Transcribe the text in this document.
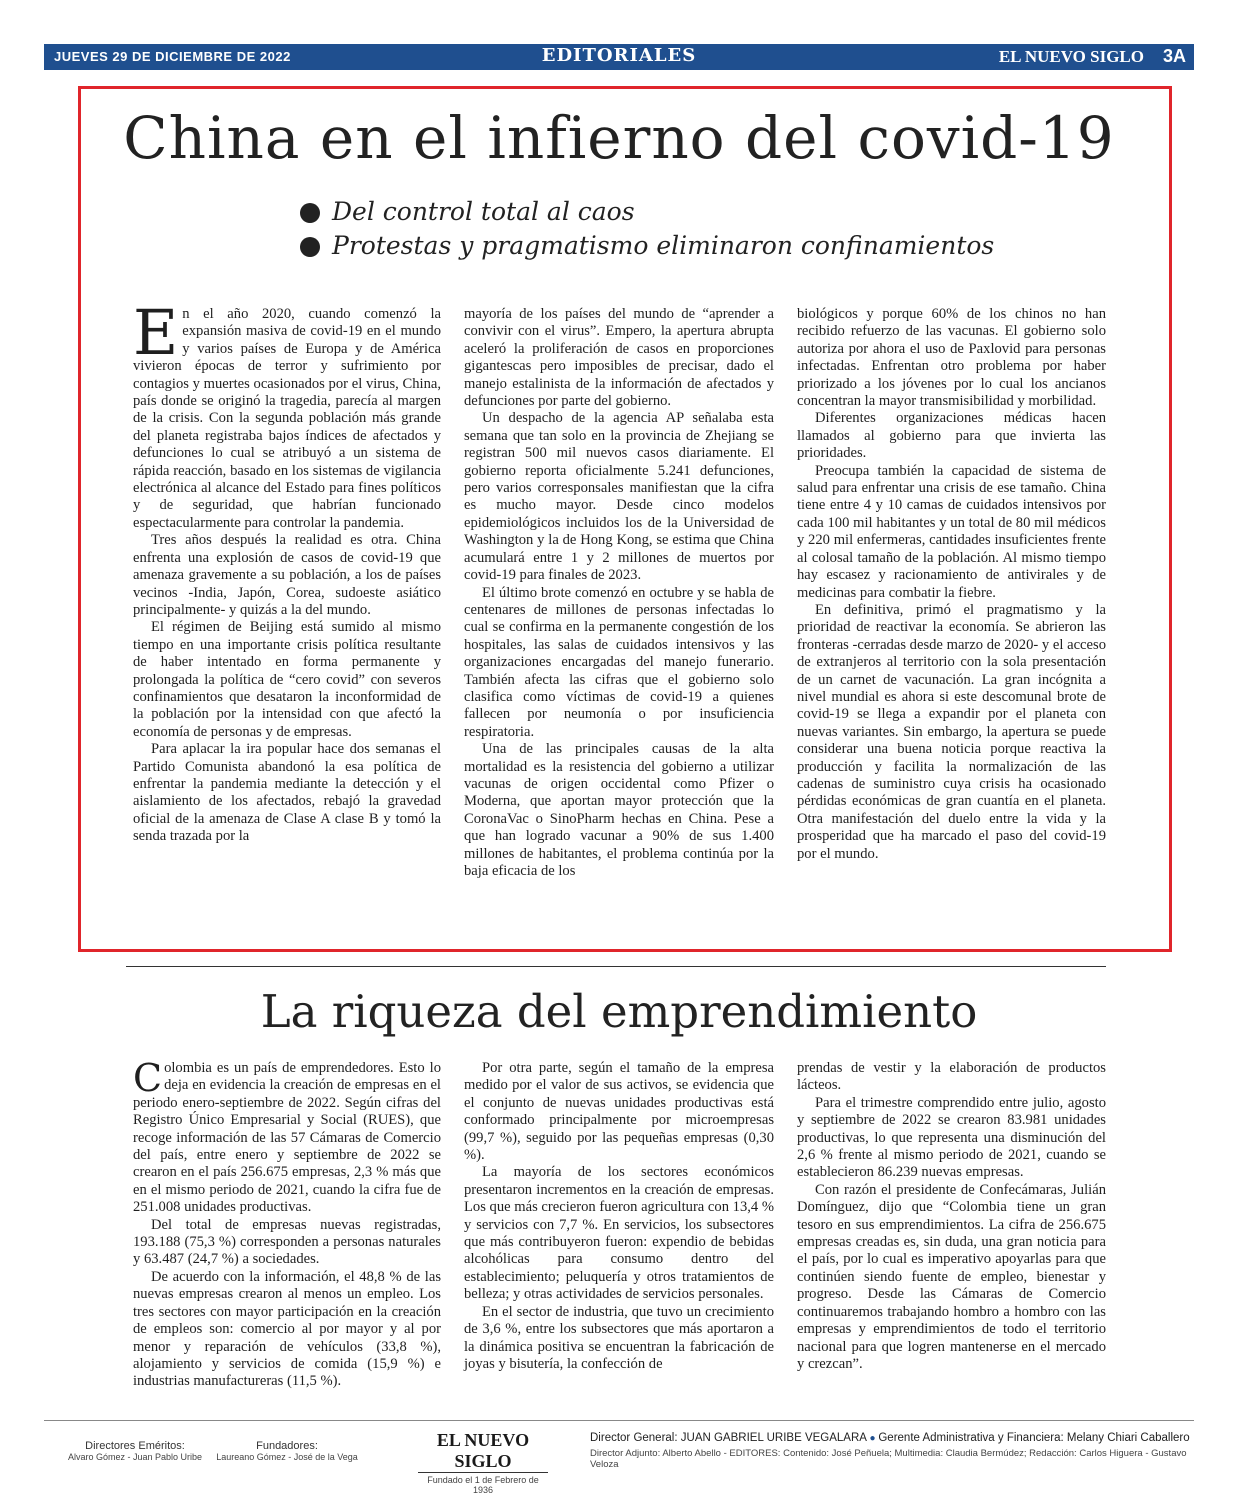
JUEVES 29 DE DICIEMBRE DE 2022	EDITORIALES	EL NUEVO SIGLO 3A
China en el infierno del covid-19
Del control total al caos
Protestas y pragmatismo eliminaron confinamientos

En el año 2020, cuando comenzó la expansión masiva de covid-19 en el mundo y varios países de Europa y de América vivieron épocas de terror y sufrimiento por contagios y muertes ocasionados por el virus, China, país donde se originó la tragedia, parecía al margen de la crisis. Con la segunda población más grande del planeta registraba bajos índices de afectados y defunciones lo cual se atribuyó a un sistema de rápida reacción, basado en los sistemas de vigilancia electrónica al alcance del Estado para fines políticos y de seguridad, que habrían funcionado espectacularmente para controlar la pandemia.

Tres años después la realidad es otra. China enfrenta una explosión de casos de covid-19 que amenaza gravemente a su población, a los de países vecinos -India, Japón, Corea, sudoeste asiático principalmente- y quizás a la del mundo.

El régimen de Beijing está sumido al mismo tiempo en una importante crisis política resultante de haber intentado en forma permanente y prolongada la política de “cero covid” con severos confinamientos que desataron la inconformidad de la población por la intensidad con que afectó la economía de personas y de empresas.

Para aplacar la ira popular hace dos semanas el Partido Comunista abandonó la esa política de enfrentar la pandemia mediante la detección y el aislamiento de los afectados, rebajó la gravedad oficial de la amenaza de Clase A clase B y tomó la senda trazada por la

mayoría de los países del mundo de “aprender a convivir con el virus”. Empero, la apertura abrupta aceleró la proliferación de casos en proporciones gigantescas pero imposibles de precisar, dado el manejo estalinista de la información de afectados y defunciones por parte del gobierno.

Un despacho de la agencia AP señalaba esta semana que tan solo en la provincia de Zhejiang se registran 500 mil nuevos casos diariamente. El gobierno reporta oficialmente 5.241 defunciones, pero varios corresponsales manifiestan que la cifra es mucho mayor. Desde cinco modelos epidemiológicos incluidos los de la Universidad de Washington y la de Hong Kong, se estima que China acumulará entre 1 y 2 millones de muertos por covid-19 para finales de 2023.

El último brote comenzó en octubre y se habla de centenares de millones de personas infectadas lo cual se confirma en la permanente congestión de los hospitales, las salas de cuidados intensivos y las organizaciones encargadas del manejo funerario. También afecta las cifras que el gobierno solo clasifica como víctimas de covid-19 a quienes fallecen por neumonía o por insuficiencia respiratoria.

Una de las principales causas de la alta mortalidad es la resistencia del gobierno a utilizar vacunas de origen occidental como Pfizer o Moderna, que aportan mayor protección que la CoronaVac o SinoPharm hechas en China. Pese a que han logrado vacunar a 90% de sus 1.400 millones de habitantes, el problema continúa por la baja eficacia de los

biológicos y porque 60% de los chinos no han recibido refuerzo de las vacunas. El gobierno solo autoriza por ahora el uso de Paxlovid para personas infectadas. Enfrentan otro problema por haber priorizado a los jóvenes por lo cual los ancianos concentran la mayor transmisibilidad y morbilidad.

Diferentes organizaciones médicas hacen llamados al gobierno para que invierta las prioridades.

Preocupa también la capacidad de sistema de salud para enfrentar una crisis de ese tamaño. China tiene entre 4 y 10 camas de cuidados intensivos por cada 100 mil habitantes y un total de 80 mil médicos y 220 mil enfermeras, cantidades insuficientes frente al colosal tamaño de la población. Al mismo tiempo hay escasez y racionamiento de antivirales y de medicinas para combatir la fiebre.

En definitiva, primó el pragmatismo y la prioridad de reactivar la economía. Se abrieron las fronteras -cerradas desde marzo de 2020- y el acceso de extranjeros al territorio con la sola presentación de un carnet de vacunación. La gran incógnita a nivel mundial es ahora si este descomunal brote de covid-19 se llega a expandir por el planeta con nuevas variantes. Sin embargo, la apertura se puede considerar una buena noticia porque reactiva la producción y facilita la normalización de las cadenas de suministro cuya crisis ha ocasionado pérdidas económicas de gran cuantía en el planeta. Otra manifestación del duelo entre la vida y la prosperidad que ha marcado el paso del covid-19 por el mundo.

La riqueza del emprendimiento

Colombia es un país de emprendedores. Esto lo deja en evidencia la creación de empresas en el periodo enero-septiembre de 2022. Según cifras del Registro Único Empresarial y Social (RUES), que recoge información de las 57 Cámaras de Comercio del país, entre enero y septiembre de 2022 se crearon en el país 256.675 empresas, 2,3 % más que en el mismo periodo de 2021, cuando la cifra fue de 251.008 unidades productivas.

Del total de empresas nuevas registradas, 193.188 (75,3 %) corresponden a personas naturales y 63.487 (24,7 %) a sociedades.

De acuerdo con la información, el 48,8 % de las nuevas empresas crearon al menos un empleo. Los tres sectores con mayor participación en la creación de empleos son: comercio al por mayor y al por menor y reparación de vehículos (33,8 %), alojamiento y servicios de comida (15,9 %) e industrias manufactureras (11,5 %).

Por otra parte, según el tamaño de la empresa medido por el valor de sus activos, se evidencia que el conjunto de nuevas unidades productivas está conformado principalmente por microempresas (99,7 %), seguido por las pequeñas empresas (0,30 %).

La mayoría de los sectores económicos presentaron incrementos en la creación de empresas. Los que más crecieron fueron agricultura con 13,4 % y servicios con 7,7 %. En servicios, los subsectores que más contribuyeron fueron: expendio de bebidas alcohólicas para consumo dentro del establecimiento; peluquería y otros tratamientos de belleza; y otras actividades de servicios personales.

En el sector de industria, que tuvo un crecimiento de 3,6 %, entre los subsectores que más aportaron a la dinámica positiva se encuentran la fabricación de joyas y bisutería, la confección de

prendas de vestir y la elaboración de productos lácteos.

Para el trimestre comprendido entre julio, agosto y septiembre de 2022 se crearon 83.981 unidades productivas, lo que representa una disminución del 2,6 % frente al mismo periodo de 2021, cuando se establecieron 86.239 nuevas empresas.

Con razón el presidente de Confecámaras, Julián Domínguez, dijo que “Colombia tiene un gran tesoro en sus emprendimientos. La cifra de 256.675 empresas creadas es, sin duda, una gran noticia para el país, por lo cual es imperativo apoyarlas para que continúen siendo fuente de empleo, bienestar y progreso. Desde las Cámaras de Comercio continuaremos trabajando hombro a hombro con las empresas y emprendimientos de todo el territorio nacional para que logren mantenerse en el mercado y crezcan”.

Directores Eméritos:
Alvaro Gómez - Juan Pablo Uribe
Fundadores:
Laureano Gómez - José de la Vega
EL NUEVO SIGLO
Fundado el 1 de Febrero de 1936
Director General: JUAN GABRIEL URIBE VEGALARA ● Gerente Administrativa y Financiera: Melany Chiari Caballero
Director Adjunto: Alberto Abello - EDITORES: Contenido: José Peñuela; Multimedia: Claudia Bermúdez; Redacción: Carlos Higuera - Gustavo Veloza
